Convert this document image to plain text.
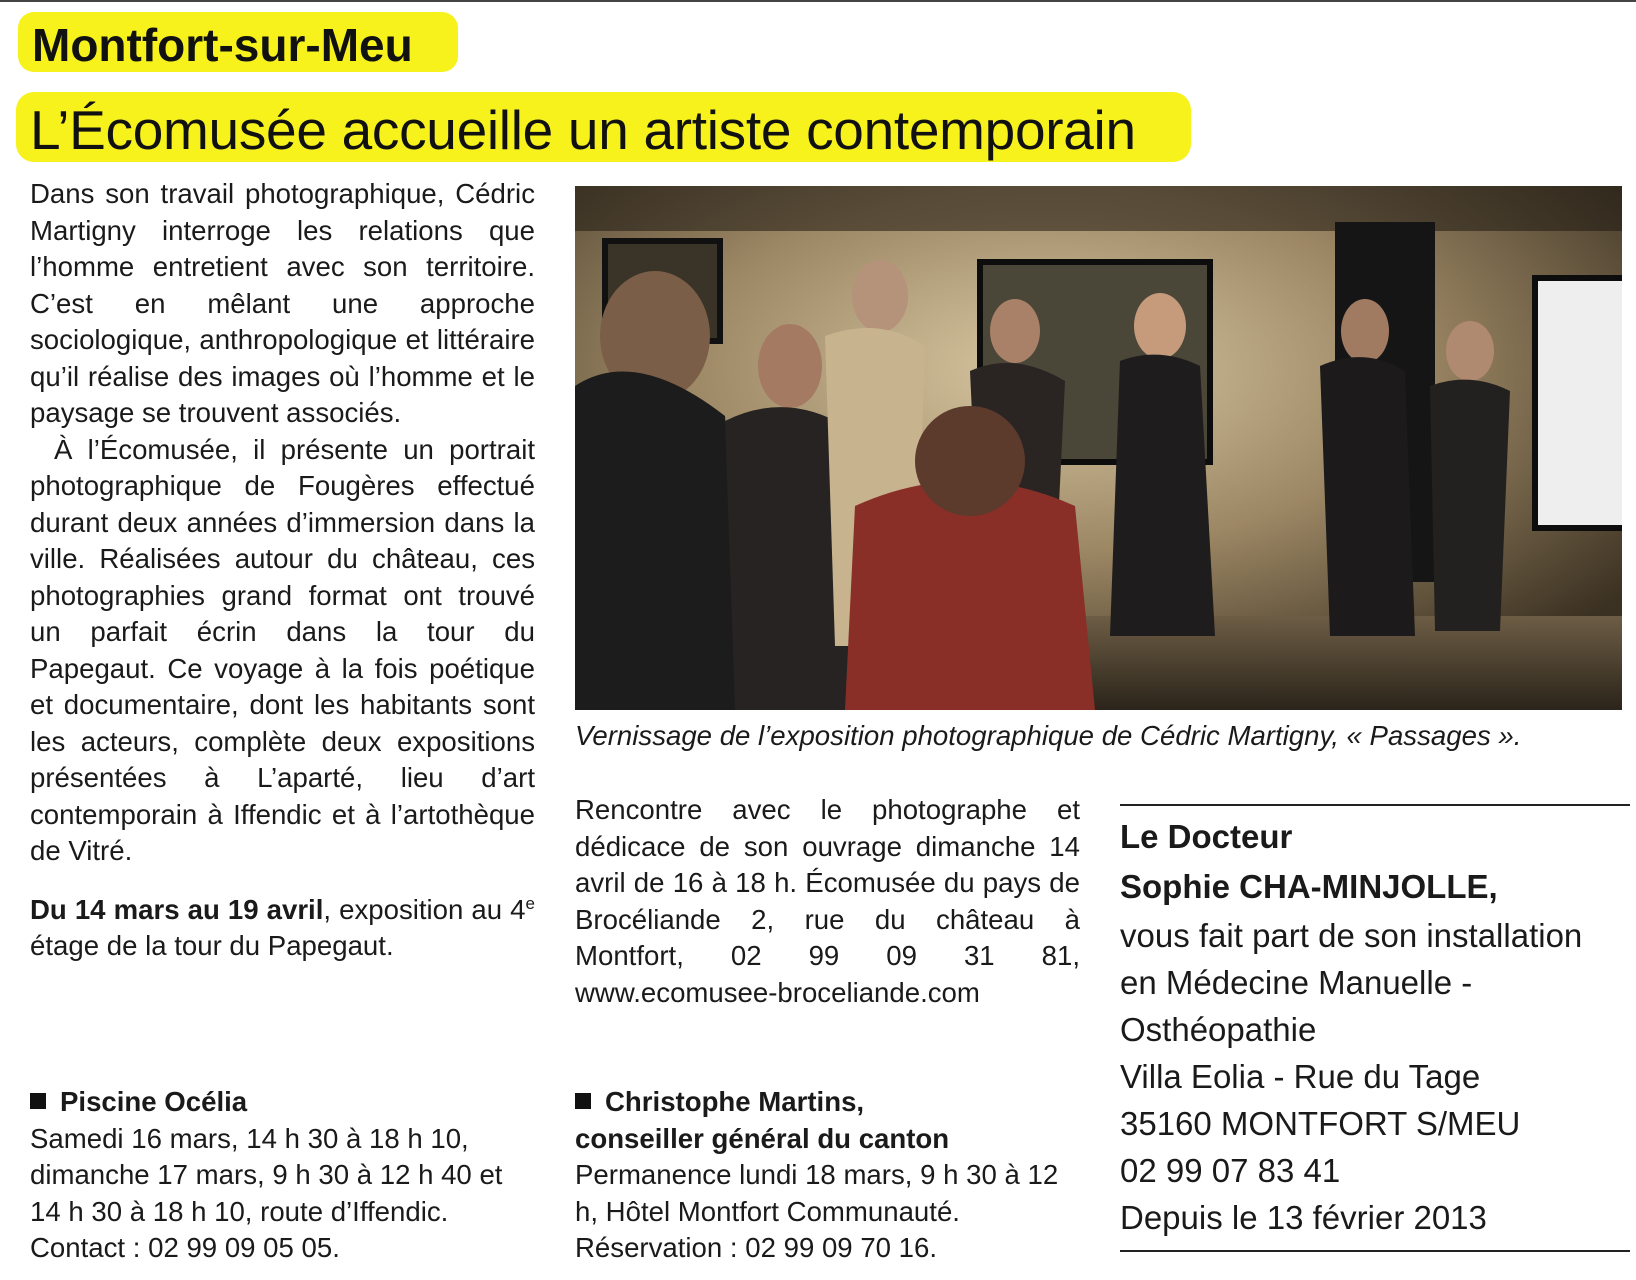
Montfort-sur-Meu
L’Écomusée accueille un artiste contemporain

Dans son travail photographique, Cédric Martigny interroge les relations que l’homme entretient avec son territoire. C’est en mêlant une approche sociologique, anthropologique et littéraire qu’il réalise des images où l’homme et le paysage se trouvent associés.

À l’Écomusée, il présente un portrait photographique de Fougères effectué durant deux années d’immersion dans la ville. Réalisées autour du château, ces photographies grand format ont trouvé un parfait écrin dans la tour du Papegaut. Ce voyage à la fois poétique et documentaire, dont les habitants sont les acteurs, complète deux expositions présentées à L’aparté, lieu d’art contemporain à Iffendic et à l’artothèque de Vitré.

Du 14 mars au 19 avril, exposition au 4e étage de la tour du Papegaut.

Vernissage de l’exposition photographique de Cédric Martigny, « Passages ».

Rencontre avec le photographe et dédicace de son ouvrage dimanche 14 avril de 16 à 18 h. Écomusée du pays de Brocéliande 2, rue du château à Montfort, 02 99 09 31 81, www.ecomusee-broceliande.com

Piscine Océlia

Samedi 16 mars, 14 h 30 à 18 h 10, dimanche 17 mars, 9 h 30 à 12 h 40 et 14 h 30 à 18 h 10, route d’Iffendic. Contact : 02 99 09 05 05.

Christophe Martins,

conseiller général du canton

Permanence lundi 18 mars, 9 h 30 à 12 h, Hôtel Montfort Communauté. Réservation : 02 99 09 70 16.

Le Docteur
Sophie CHA-MINJOLLE,
vous fait part de son installation
en Médecine Manuelle -
Osthéopathie
Villa Eolia - Rue du Tage
35160 MONTFORT S/MEU
02 99 07 83 41
Depuis le 13 février 2013
